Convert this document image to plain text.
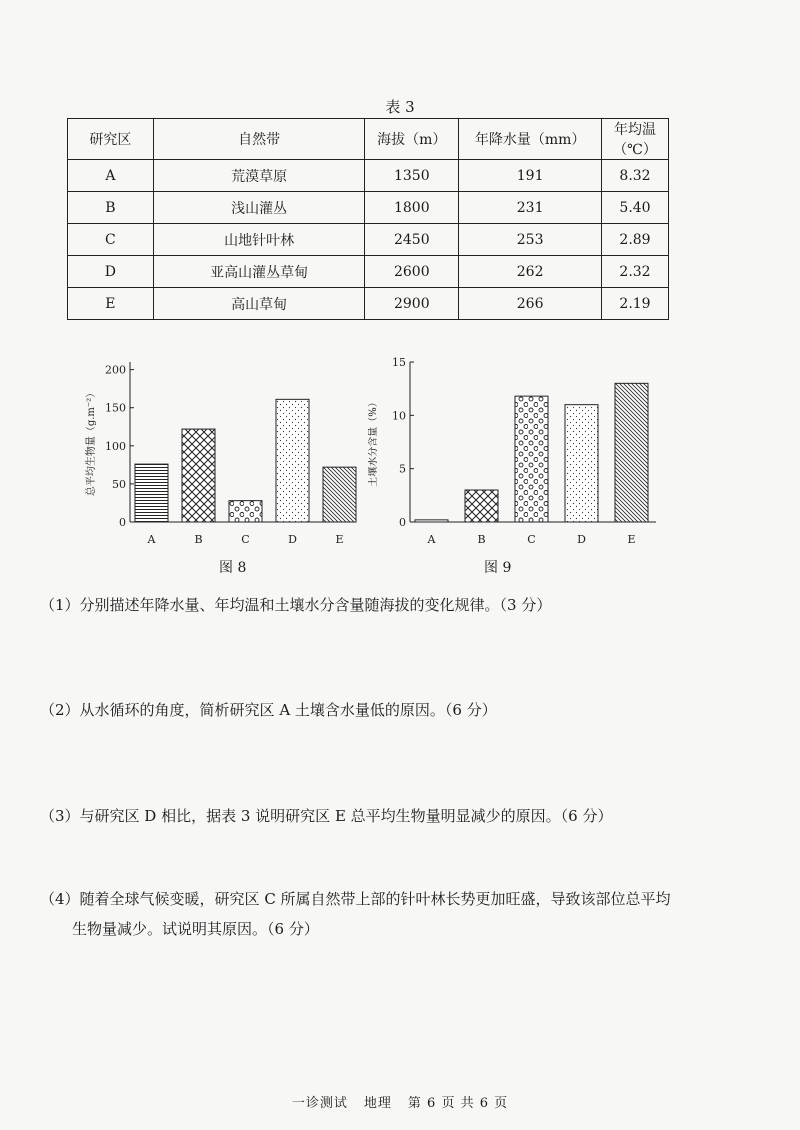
表 3
研究区	自然带	海拔（m）	年降水量（mm）	年均温（℃）
A	荒漠草原	1350	191	8.32
B	浅山灌丛	1800	231	5.40
C	山地针叶林	2450	253	2.89
D	亚高山灌丛草甸	2600	262	2.32
E	高山草甸	2900	266	2.19
0
50
100
150
200
总平均生物量（g.m⁻²）
A	B	C	D	E
图 8
0
5
10
15
土壤水分含量（%）
A	B	C	D	E
图 9
（1）分别描述年降水量、年均温和土壤水分含量随海拔的变化规律。（3 分）
（2）从水循环的角度，简析研究区 A 土壤含水量低的原因。（6 分）
（3）与研究区 D 相比，据表 3 说明研究区 E 总平均生物量明显减少的原因。（6 分）
（4）随着全球气候变暖，研究区 C 所属自然带上部的针叶林长势更加旺盛，导致该部位总平均
生物量减少。试说明其原因。（6 分）
一诊测试 地理 第 6 页 共 6 页
